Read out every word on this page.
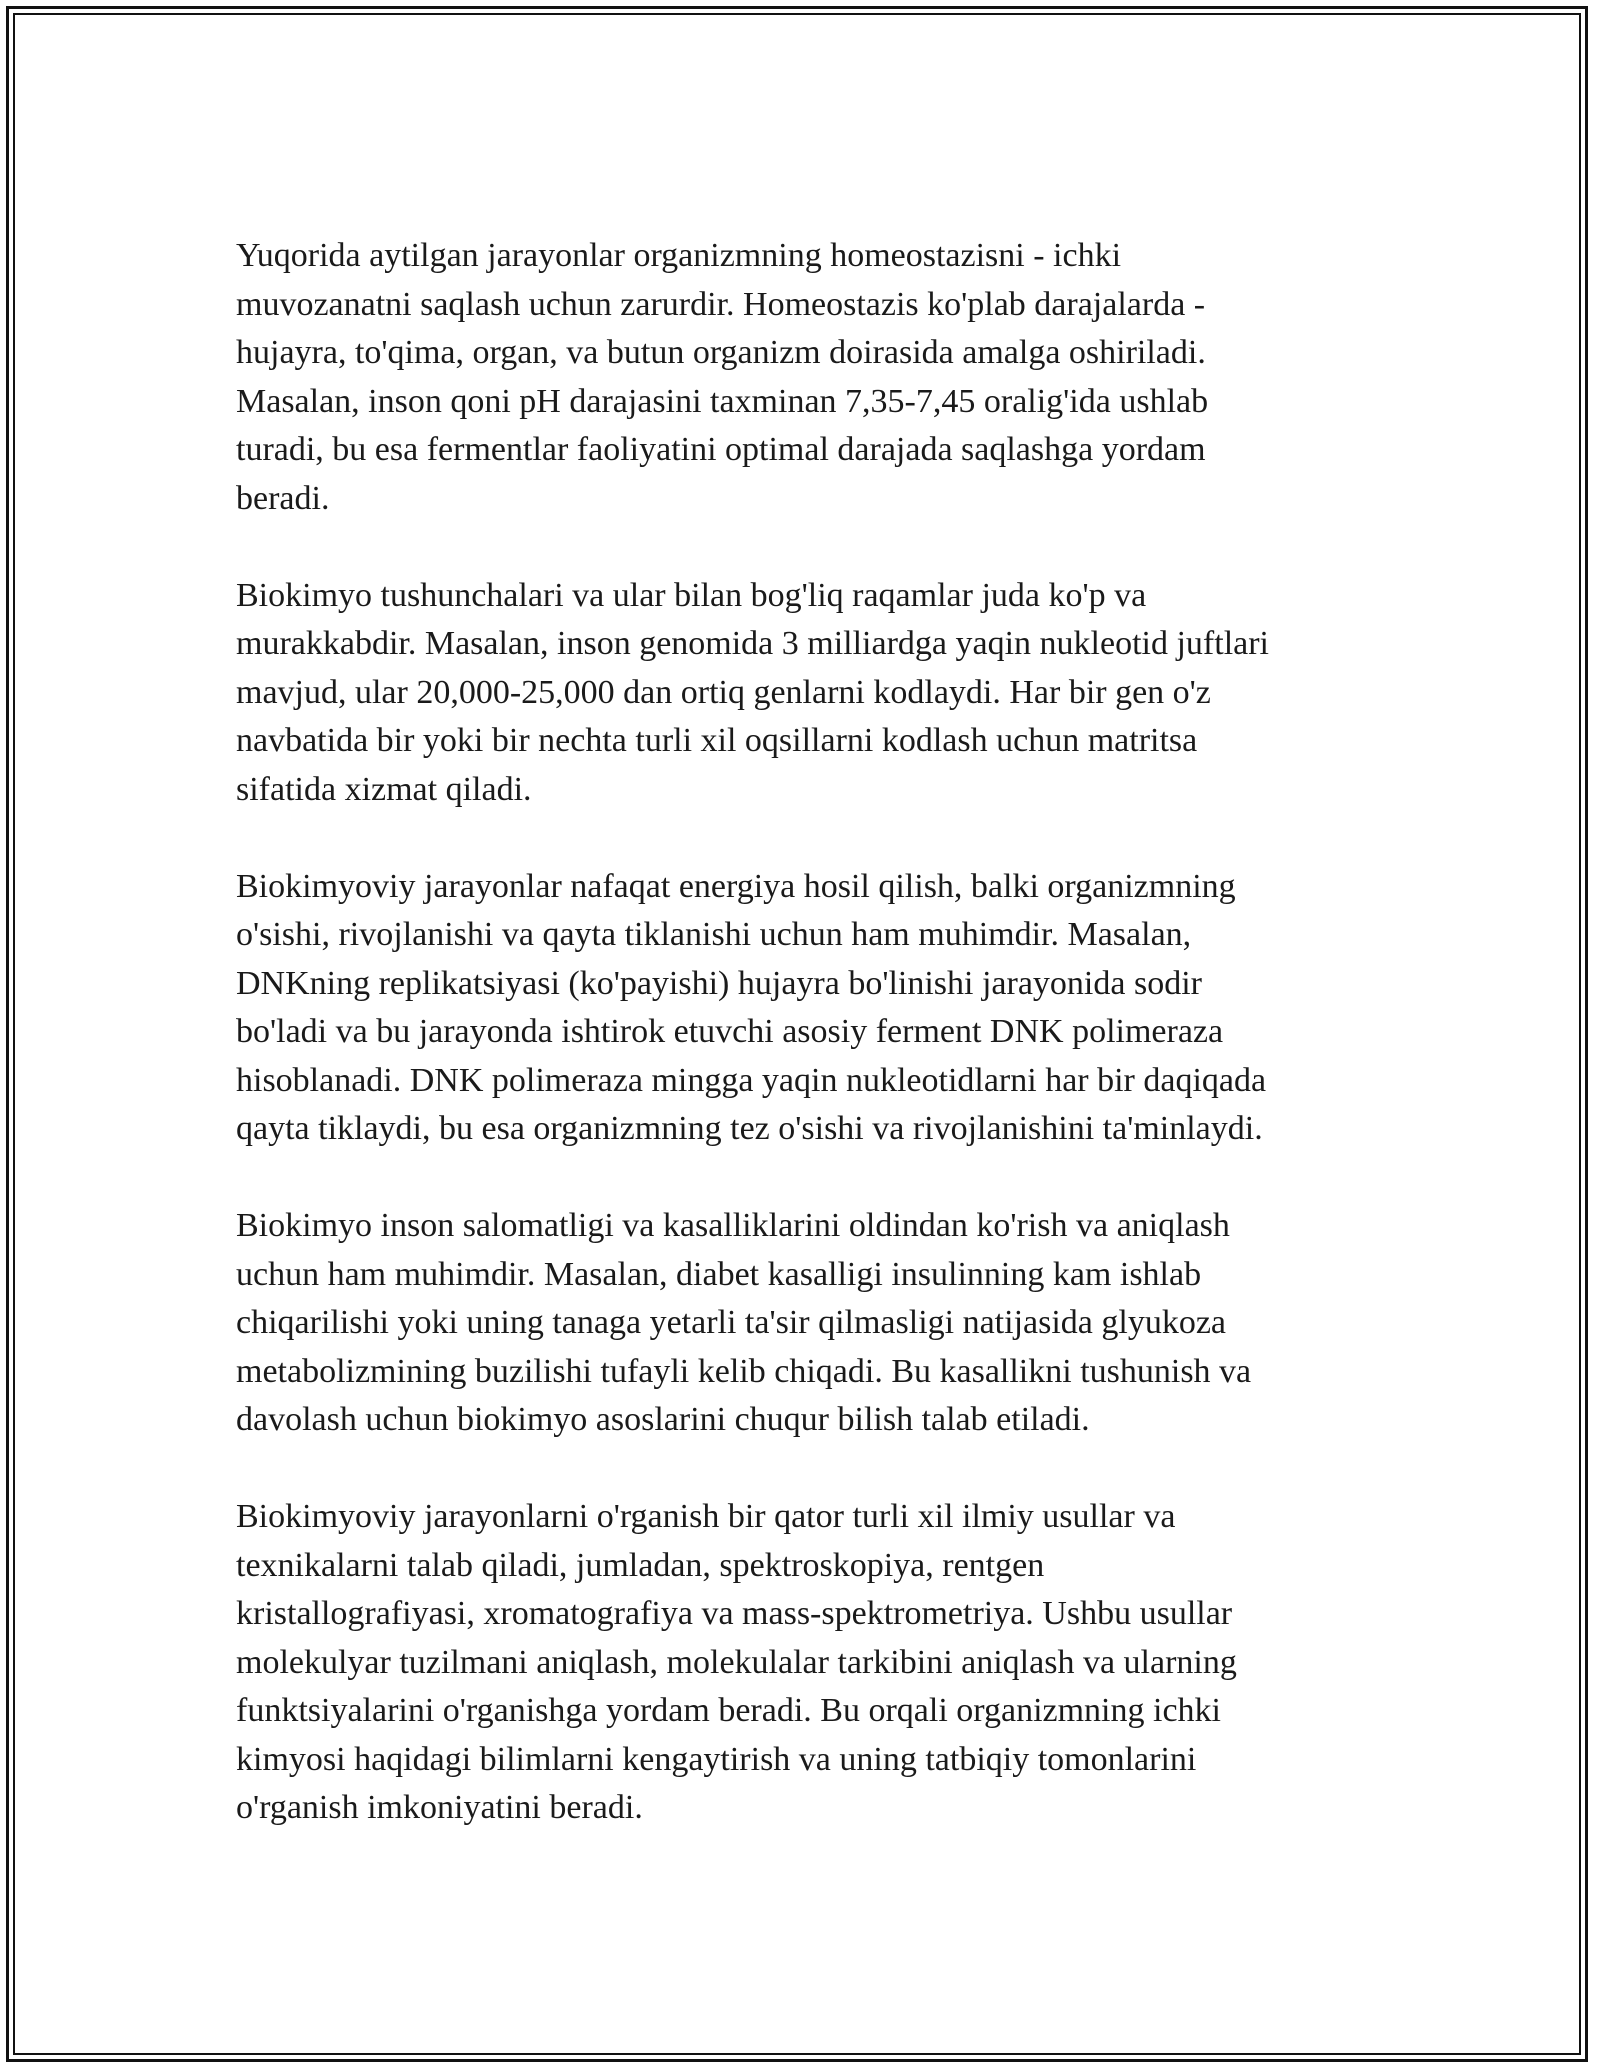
Yuqorida aytilgan jarayonlar organizmning homeostazisni - ichki
muvozanatni saqlash uchun zarurdir. Homeostazis ko'plab darajalarda -
hujayra, to'qima, organ, va butun organizm doirasida amalga oshiriladi.
Masalan, inson qoni pH darajasini taxminan 7,35-7,45 oralig'ida ushlab
turadi, bu esa fermentlar faoliyatini optimal darajada saqlashga yordam
beradi.

Biokimyo tushunchalari va ular bilan bog'liq raqamlar juda ko'p va
murakkabdir. Masalan, inson genomida 3 milliardga yaqin nukleotid juftlari
mavjud, ular 20,000-25,000 dan ortiq genlarni kodlaydi. Har bir gen o'z
navbatida bir yoki bir nechta turli xil oqsillarni kodlash uchun matritsa
sifatida xizmat qiladi.

Biokimyoviy jarayonlar nafaqat energiya hosil qilish, balki organizmning
o'sishi, rivojlanishi va qayta tiklanishi uchun ham muhimdir. Masalan,
DNKning replikatsiyasi (ko'payishi) hujayra bo'linishi jarayonida sodir
bo'ladi va bu jarayonda ishtirok etuvchi asosiy ferment DNK polimeraza
hisoblanadi. DNK polimeraza mingga yaqin nukleotidlarni har bir daqiqada
qayta tiklaydi, bu esa organizmning tez o'sishi va rivojlanishini ta'minlaydi.

Biokimyo inson salomatligi va kasalliklarini oldindan ko'rish va aniqlash
uchun ham muhimdir. Masalan, diabet kasalligi insulinning kam ishlab
chiqarilishi yoki uning tanaga yetarli ta'sir qilmasligi natijasida glyukoza
metabolizmining buzilishi tufayli kelib chiqadi. Bu kasallikni tushunish va
davolash uchun biokimyo asoslarini chuqur bilish talab etiladi.

Biokimyoviy jarayonlarni o'rganish bir qator turli xil ilmiy usullar va
texnikalarni talab qiladi, jumladan, spektroskopiya, rentgen
kristallografiyasi, xromatografiya va mass-spektrometriya. Ushbu usullar
molekulyar tuzilmani aniqlash, molekulalar tarkibini aniqlash va ularning
funktsiyalarini o'rganishga yordam beradi. Bu orqali organizmning ichki
kimyosi haqidagi bilimlarni kengaytirish va uning tatbiqiy tomonlarini
o'rganish imkoniyatini beradi.
